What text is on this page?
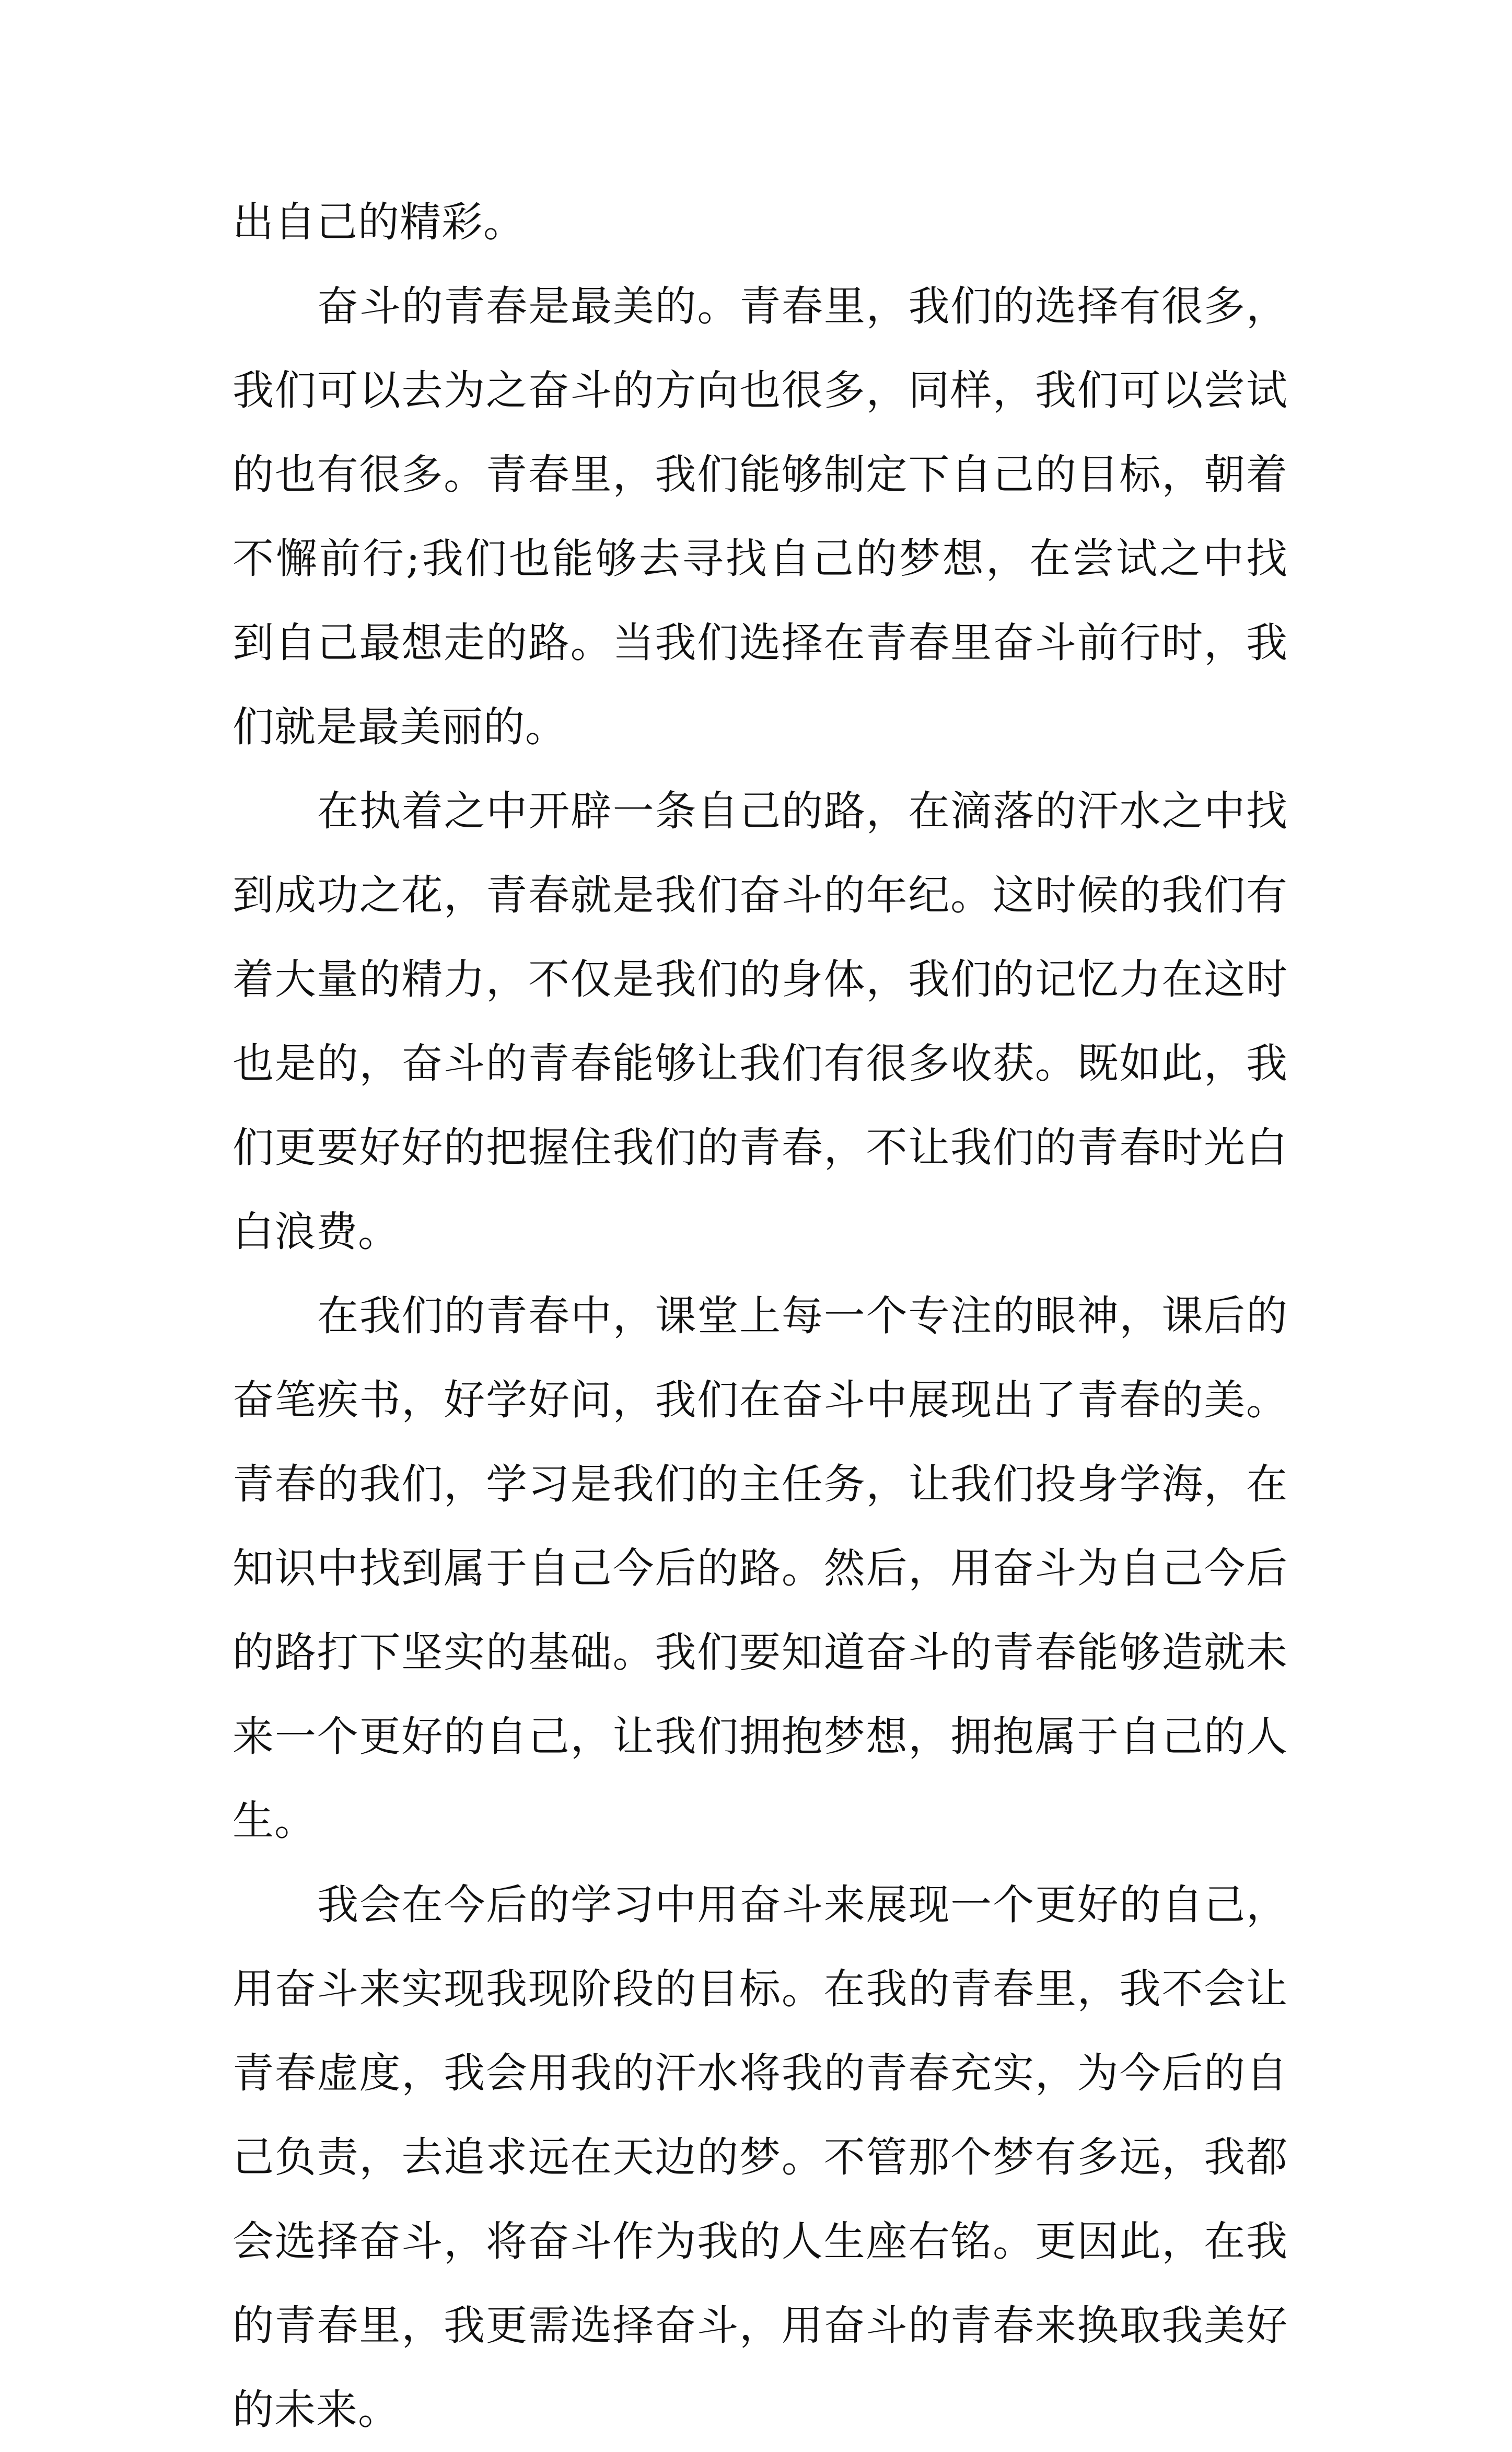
出自己的精彩。

奋斗的青春是最美的。青春里，我们的选择有很多，我们可以去为之奋斗的方向也很多，同样，我们可以尝试的也有很多。青春里，我们能够制定下自己的目标，朝着不懈前行;我们也能够去寻找自己的梦想，在尝试之中找到自己最想走的路。当我们选择在青春里奋斗前行时，我们就是最美丽的。

在执着之中开辟一条自己的路，在滴落的汗水之中找到成功之花，青春就是我们奋斗的年纪。这时候的我们有着大量的精力，不仅是我们的身体，我们的记忆力在这时也是的，奋斗的青春能够让我们有很多收获。既如此，我们更要好好的把握住我们的青春，不让我们的青春时光白白浪费。

在我们的青春中，课堂上每一个专注的眼神，课后的奋笔疾书，好学好问，我们在奋斗中展现出了青春的美。青春的我们，学习是我们的主任务，让我们投身学海，在知识中找到属于自己今后的路。然后，用奋斗为自己今后的路打下坚实的基础。我们要知道奋斗的青春能够造就未来一个更好的自己，让我们拥抱梦想，拥抱属于自己的人生。

我会在今后的学习中用奋斗来展现一个更好的自己，用奋斗来实现我现阶段的目标。在我的青春里，我不会让青春虚度，我会用我的汗水将我的青春充实，为今后的自己负责，去追求远在天边的梦。不管那个梦有多远，我都会选择奋斗，将奋斗作为我的人生座右铭。更因此，在我的青春里，我更需选择奋斗，用奋斗的青春来换取我美好的未来。
